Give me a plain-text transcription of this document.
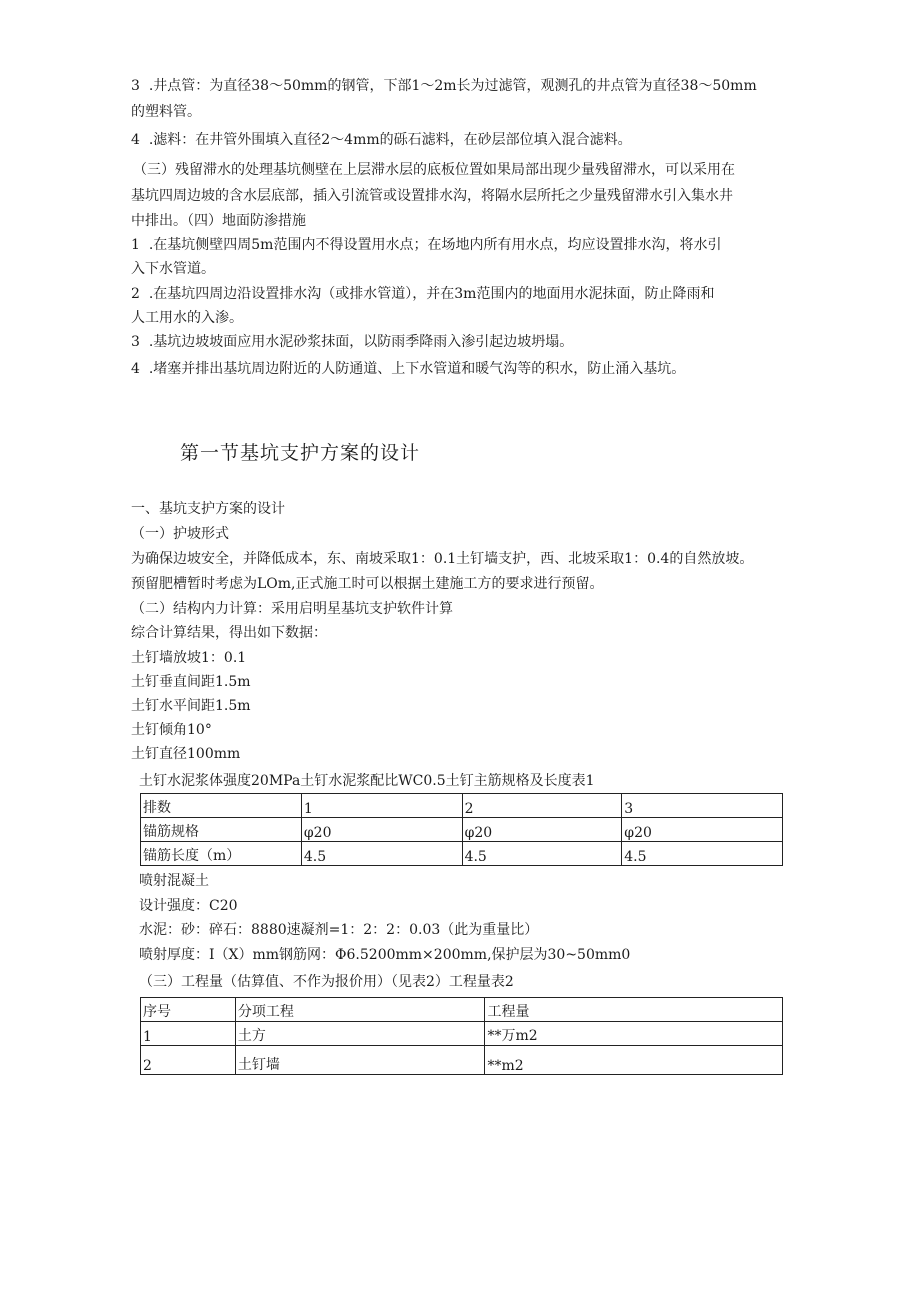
3 .井点管：为直径38～50mm的钢管，下部1～2m长为过滤管，观测孔的井点管为直径38～50mm

的塑料管。

4 .滤料：在井管外围填入直径2～4mm的砾石滤料，在砂层部位填入混合滤料。

（三）残留滞水的处理基坑侧壁在上层滞水层的底板位置如果局部出现少量残留滞水，可以采用在

基坑四周边坡的含水层底部，插入引流管或设置排水沟，将隔水层所托之少量残留滞水引入集水井

中排出。（四）地面防渗措施

1 .在基坑侧壁四周5m范围内不得设置用水点；在场地内所有用水点，均应设置排水沟，将水引

入下水管道。

2 .在基坑四周边沿设置排水沟（或排水管道），并在3m范围内的地面用水泥抹面，防止降雨和

人工用水的入渗。

3 .基坑边坡坡面应用水泥砂浆抹面，以防雨季降雨入渗引起边坡坍塌。

4 .堵塞并排出基坑周边附近的人防通道、上下水管道和暖气沟等的积水，防止涌入基坑。

第一节基坑支护方案的设计

一、基坑支护方案的设计

（一）护坡形式

为确保边坡安全，并降低成本，东、南坡采取1：0.1土钉墙支护，西、北坡采取1：0.4的自然放坡。

预留肥槽暂时考虑为LOm,正式施工时可以根据土建施工方的要求进行预留。

（二）结构内力计算：采用启明星基坑支护软件计算

综合计算结果，得出如下数据：

土钉墙放坡1：0.1

土钉垂直间距1.5m

土钉水平间距1.5m

土钉倾角10°

土钉直径100mm

土钉水泥浆体强度20MPa土钉水泥浆配比WC0.5土钉主筋规格及长度表1

排数	1	2	3
锚筋规格	φ20	φ20	φ20
锚筋长度（m）	4.5	4.5	4.5

喷射混凝土

设计强度：C20

水泥：砂：碎石：8880速凝剂=1：2：2：0.03（此为重量比）

喷射厚度：I（X）mm钢筋网：Φ6.5200mm×200mm,保护层为30~50mm0

（三）工程量（估算值、不作为报价用）（见表2）工程量表2

序号	分项工程	工程量
1	土方	**万m2
2	土钉墙	**m2
